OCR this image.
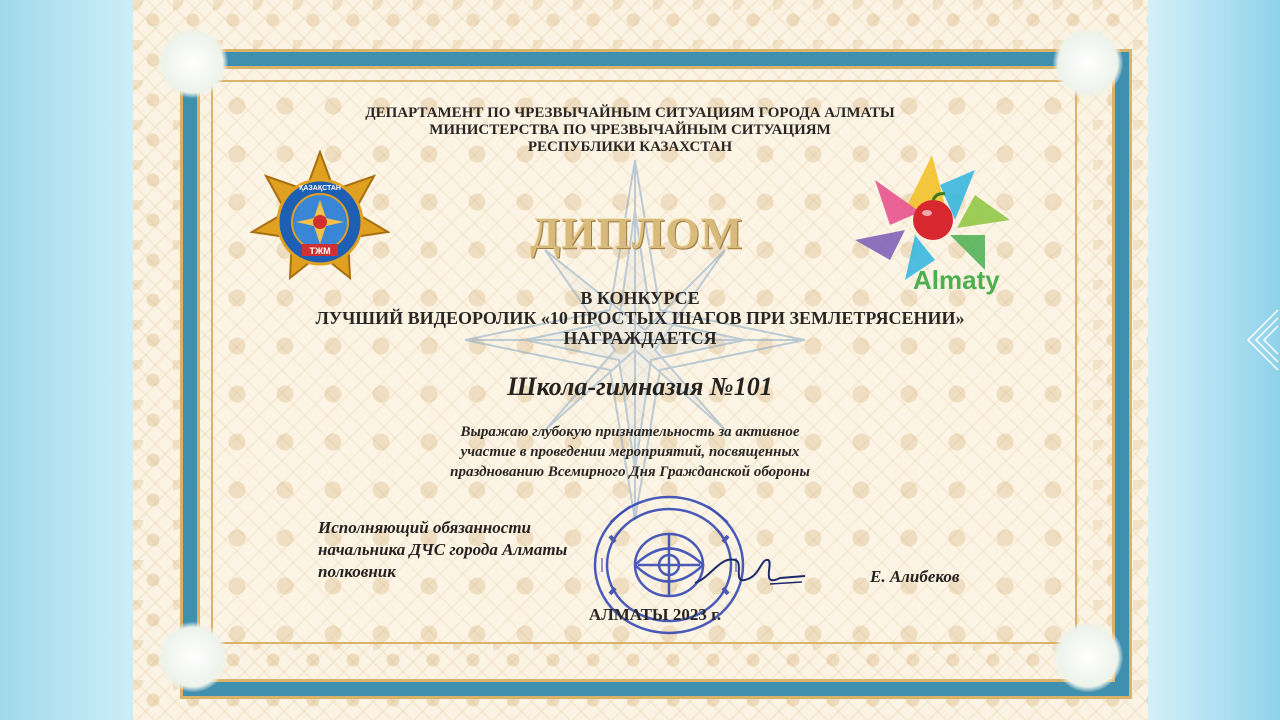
ДЕПАРТАМЕНТ ПО ЧРЕЗВЫЧАЙНЫМ СИТУАЦИЯМ ГОРОДА АЛМАТЫ
МИНИСТЕРСТВА ПО ЧРЕЗВЫЧАЙНЫМ СИТУАЦИЯМ
РЕСПУБЛИКИ КАЗАХСТАН
ТЖМ
ҚАЗАҚСТАН
Almaty
ДИПЛОМ
В КОНКУРСЕ
ЛУЧШИЙ ВИДЕОРОЛИК «10 ПРОСТЫХ ШАГОВ ПРИ ЗЕМЛЕТРЯСЕНИИ»
НАГРАЖДАЕТСЯ
Школа-гимназия №101
Выражаю глубокую признательность за активное
участие в проведении мероприятий, посвященных
празднованию Всемирного Дня Гражданской обороны
Исполняющий обязанности
начальника ДЧС города Алматы
полковник	Е. Алибеков
АЛМАТЫ 2023 г.
